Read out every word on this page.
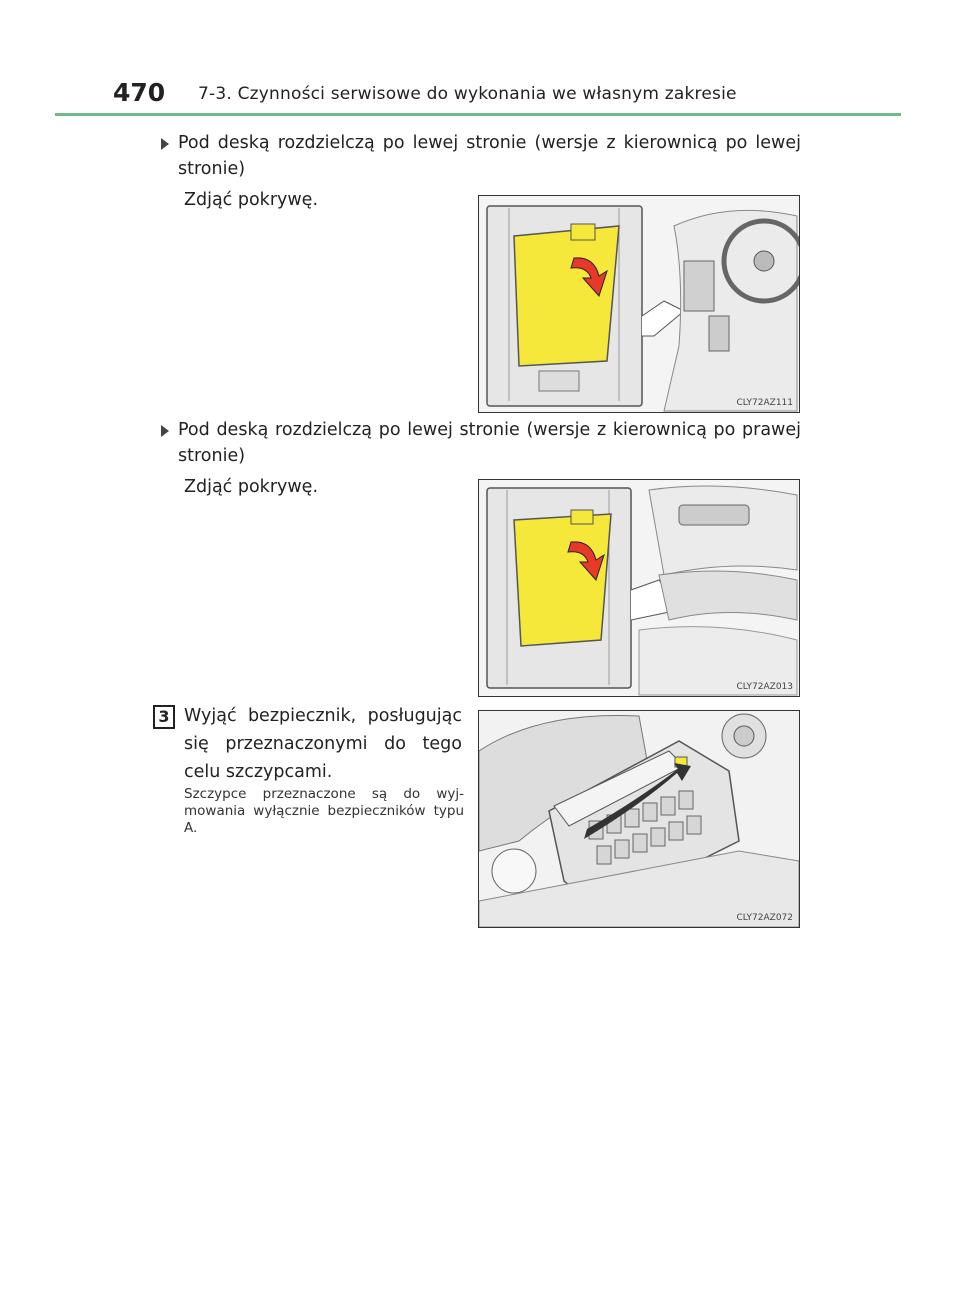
470 7-3. Czynności serwisowe do wykonania we własnym zakresie
Pod deską rozdzielczą po lewej stronie (wersje z kierownicą po lewej stronie)
Zdjąć pokrywę.
CLY72AZ111
Pod deską rozdzielczą po lewej stronie (wersje z kierownicą po prawej stronie)
Zdjąć pokrywę.
CLY72AZ013
3 Wyjąć bezpiecznik, posługując się przeznaczonymi do tego celu szczypcami.
Szczypce przeznaczone są do wyj-mowania wyłącznie bezpieczników typu A.
CLY72AZ072
